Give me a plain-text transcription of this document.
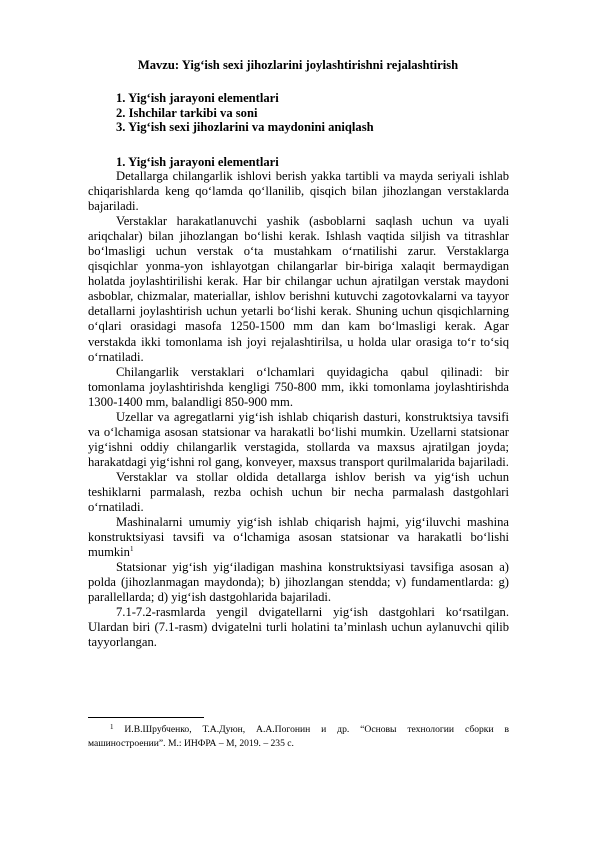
Mavzu: Yig‘ish sexi jihozlarini joylashtirishni rejalashtirish
1. Yig‘ish jarayoni elementlari
2. Ishchilar tarkibi va soni
3. Yig‘ish sexi jihozlarini va maydonini aniqlash
1. Yig‘ish jarayoni elementlari

Detallarga chilangarlik ishlovi berish yakka tartibli va mayda seriyali ishlab chiqarishlarda keng qo‘lamda qo‘llanilib, qisqich bilan jihozlangan verstaklarda bajariladi.

Verstaklar harakatlanuvchi yashik (asboblarni saqlash uchun va uyali ariqchalar) bilan jihozlangan bo‘lishi kerak. Ishlash vaqtida siljish va titrashlar bo‘lmasligi uchun verstak o‘ta mustahkam o‘rnatilishi zarur. Verstaklarga qisqichlar yonma-yon ishlayotgan chilangarlar bir-biriga xalaqit bermaydigan holatda joylashtirilishi kerak. Har bir chilangar uchun ajratilgan verstak maydoni asboblar, chizmalar, materiallar, ishlov berishni kutuvchi zagotovkalarni va tayyor detallarni joylashtirish uchun yetarli bo‘lishi kerak. Shuning uchun qisqichlarning o‘qlari orasidagi masofa 1250-1500 mm dan kam bo‘lmasligi kerak. Agar verstakda ikki tomonlama ish joyi rejalashtirilsa, u holda ular orasiga to‘r to‘siq o‘rnatiladi.

Chilangarlik verstaklari o‘lchamlari quyidagicha qabul qilinadi: bir tomonlama joylashtirishda kengligi 750-800 mm, ikki tomonlama joylashtirishda 1300-1400 mm, balandligi 850-900 mm.

Uzellar va agregatlarni yig‘ish ishlab chiqarish dasturi, konstruktsiya tavsifi va o‘lchamiga asosan statsionar va harakatli bo‘lishi mumkin. Uzellarni statsionar yig‘ishni oddiy chilangarlik verstagida, stollarda va maxsus ajratilgan joyda; harakatdagi yig‘ishni rol gang, konveyer, maxsus transport qurilmalarida bajariladi.

Verstaklar va stollar oldida detallarga ishlov berish va yig‘ish uchun teshiklarni parmalash, rezba ochish uchun bir necha parmalash dastgohlari o‘rnatiladi.

Mashinalarni umumiy yig‘ish ishlab chiqarish hajmi, yig‘iluvchi mashina konstruktsiyasi tavsifi va o‘lchamiga asosan statsionar va harakatli bo‘lishi mumkin$^1$

Statsionar yig‘ish yig‘iladigan mashina konstruktsiyasi tavsifiga asosan a) polda (jihozlanmagan maydonda); b) jihozlangan stendda; v) fundamentlarda: g) parallellarda; d) yig‘ish dastgohlarida bajariladi.

7.1-7.2-rasmlarda yengil dvigatellarni yig‘ish dastgohlari ko‘rsatilgan. Ulardan biri (7.1-rasm) dvigatelni turli holatini taʼminlash uchun aylanuvchi qilib tayyorlangan.

$^1$ И.В.Шрубченко, Т.А.Дуюн, А.А.Погонин и др. “Основы технологии сборки в машиностроении”. М.: ИНФРА – М, 2019. – 235 с.
